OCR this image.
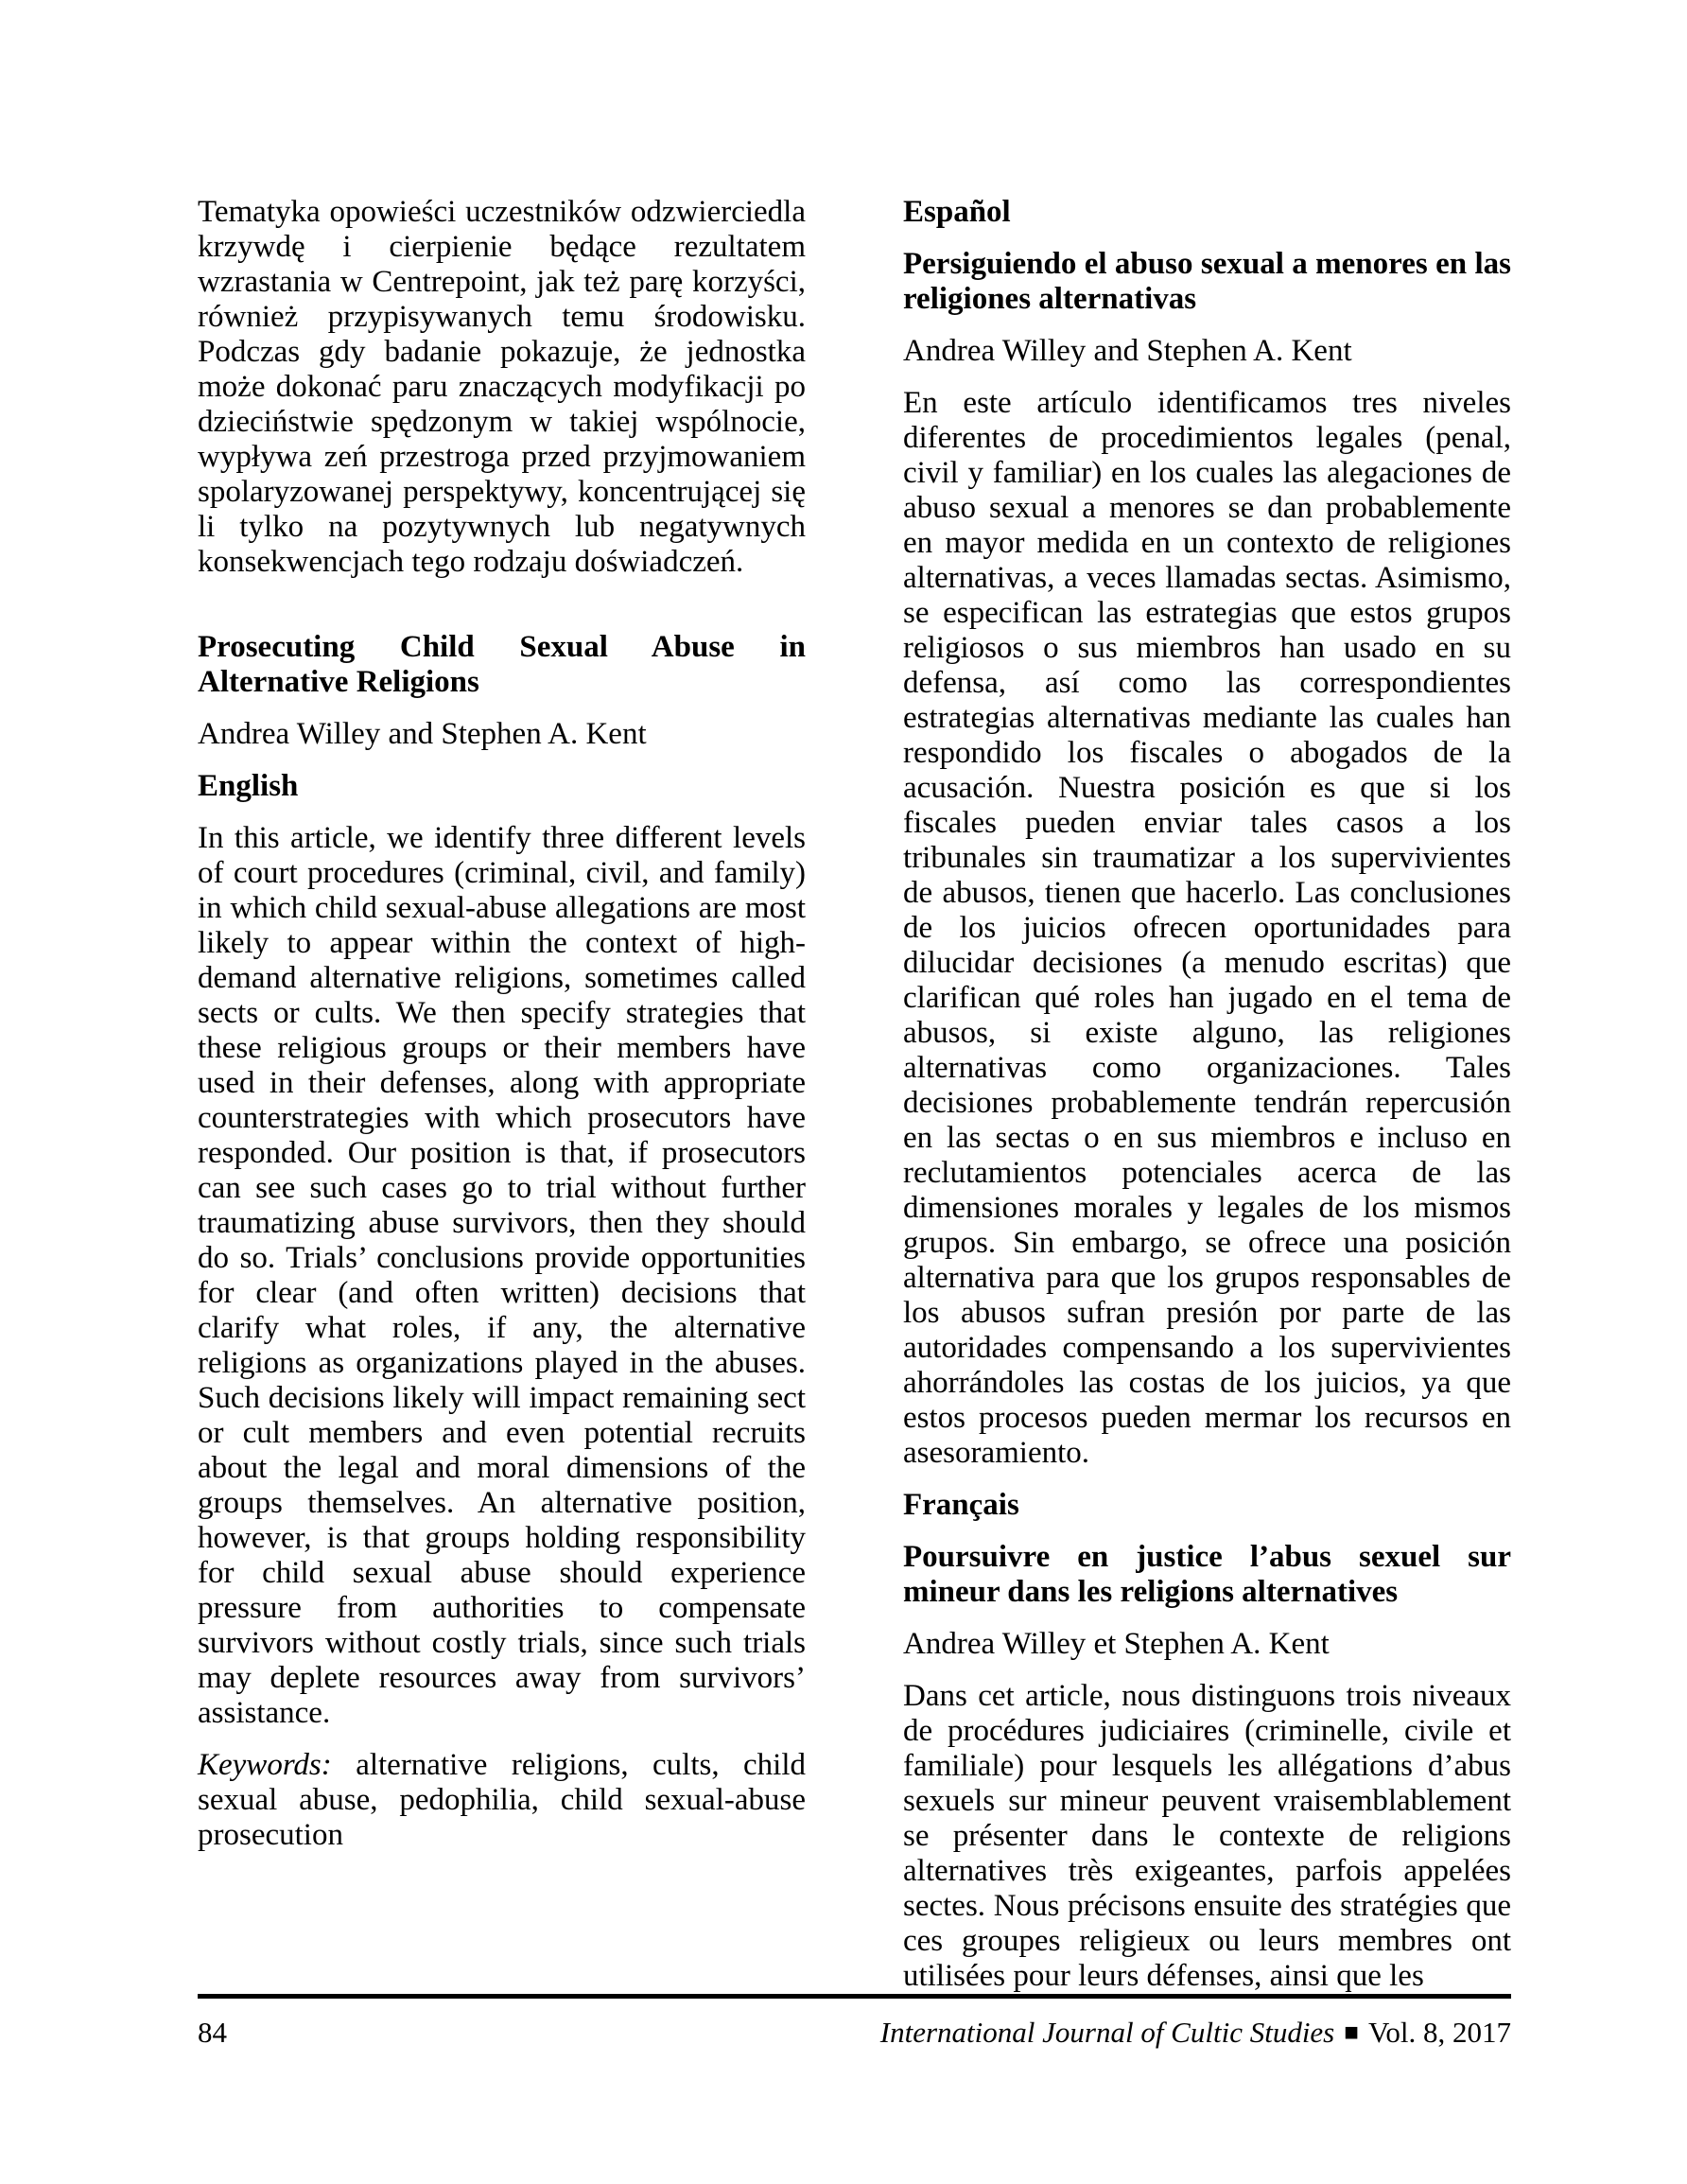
Tematyka opowieści uczestników odzwierciedla krzywdę i cierpienie będące rezultatem wzrastania w Centrepoint, jak też parę korzyści, również przypisywanych temu środowisku. Podczas gdy badanie pokazuje, że jednostka może dokonać paru znaczących modyfikacji po dzieciństwie spędzonym w takiej wspólnocie, wypływa zeń przestroga przed przyjmowaniem spolaryzowanej perspektywy, koncentrującej się li tylko na pozytywnych lub negatywnych konsekwencjach tego rodzaju doświadczeń.

Prosecuting Child Sexual Abuse in Alternative Religions

Andrea Willey and Stephen A. Kent

English

In this article, we identify three different levels of court procedures (criminal, civil, and family) in which child sexual-abuse allegations are most likely to appear within the context of high-demand alternative religions, sometimes called sects or cults. We then specify strategies that these religious groups or their members have used in their defenses, along with appropriate counterstrategies with which prosecutors have responded. Our position is that, if prosecutors can see such cases go to trial without further traumatizing abuse survivors, then they should do so. Trials’ conclusions provide opportunities for clear (and often written) decisions that clarify what roles, if any, the alternative religions as organizations played in the abuses. Such decisions likely will impact remaining sect or cult members and even potential recruits about the legal and moral dimensions of the groups themselves. An alternative position, however, is that groups holding responsibility for child sexual abuse should experience pressure from authorities to compensate survivors without costly trials, since such trials may deplete resources away from survivors’ assistance.

Keywords: alternative religions, cults, child sexual abuse, pedophilia, child sexual-abuse prosecution

Español
Persiguiendo el abuso sexual a menores en las religiones alternativas

Andrea Willey and Stephen A. Kent

En este artículo identificamos tres niveles diferentes de procedimientos legales (penal, civil y familiar) en los cuales las alegaciones de abuso sexual a menores se dan probablemente en mayor medida en un contexto de religiones alternativas, a veces llamadas sectas. Asimismo, se especifican las estrategias que estos grupos religiosos o sus miembros han usado en su defensa, así como las correspondientes estrategias alternativas mediante las cuales han respondido los fiscales o abogados de la acusación. Nuestra posición es que si los fiscales pueden enviar tales casos a los tribunales sin traumatizar a los supervivientes de abusos, tienen que hacerlo. Las conclusiones de los juicios ofrecen oportunidades para dilucidar decisiones (a menudo escritas) que clarifican qué roles han jugado en el tema de abusos, si existe alguno, las religiones alternativas como organizaciones. Tales decisiones probablemente tendrán repercusión en las sectas o en sus miembros e incluso en reclutamientos potenciales acerca de las dimensiones morales y legales de los mismos grupos. Sin embargo, se ofrece una posición alternativa para que los grupos responsables de los abusos sufran presión por parte de las autoridades compensando a los supervivientes ahorrándoles las costas de los juicios, ya que estos procesos pueden mermar los recursos en asesoramiento.

Français
Poursuivre en justice l’abus sexuel sur mineur dans les religions alternatives

Andrea Willey et Stephen A. Kent

Dans cet article, nous distinguons trois niveaux de procédures judiciaires (criminelle, civile et familiale) pour lesquels les allégations d’abus sexuels sur mineur peuvent vraisemblablement se présenter dans le contexte de religions alternatives très exigeantes, parfois appelées sectes. Nous précisons ensuite des stratégies que ces groupes religieux ou leurs membres ont utilisées pour leurs défenses, ainsi que les

84	International Journal of Cultic Studies ■ Vol. 8, 2017
